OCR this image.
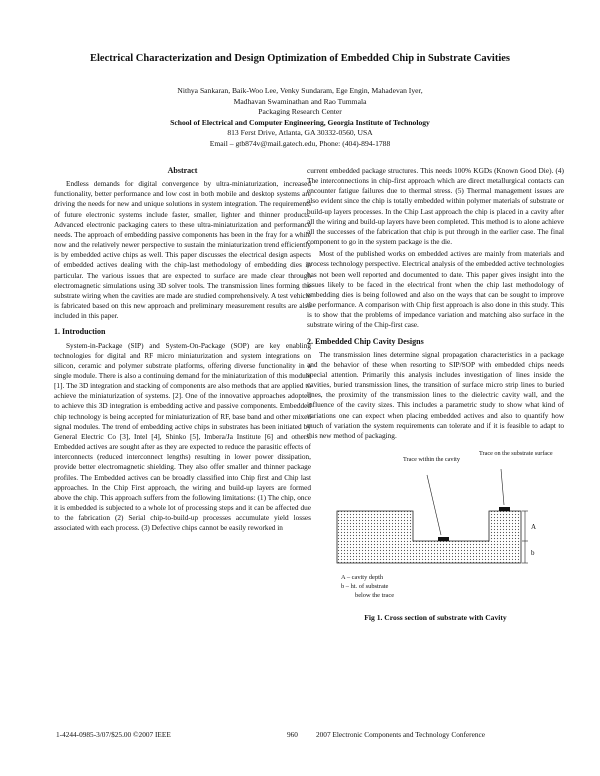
Electrical Characterization and Design Optimization of Embedded Chip in Substrate Cavities
Nithya Sankaran, Baik-Woo Lee, Venky Sundaram, Ege Engin, Mahadevan Iyer,
Madhavan Swaminathan and Rao Tummala
Packaging Research Center
School of Electrical and Computer Engineering, Georgia Institute of Technology
813 Ferst Drive, Atlanta, GA 30332-0560, USA
Email – gtb874v@mail.gatech.edu, Phone: (404)-894-1788
Abstract

Endless demands for digital convergence by ultra-miniaturization, increased functionality, better performance and low cost in both mobile and desktop systems are driving the needs for new and unique solutions in system integration. The requirements of future electronic systems include faster, smaller, lighter and thinner products. Advanced electronic packaging caters to these ultra-miniaturization and performance needs. The approach of embedding passive components has been in the fray for a while now and the relatively newer perspective to sustain the miniaturization trend efficiently is by embedded active chips as well. This paper discusses the electrical design aspects of embedded actives dealing with the chip-last methodology of embedding dies in particular. The various issues that are expected to surface are made clear through electromagnetic simulations using 3D solver tools. The transmission lines forming the substrate wiring when the cavities are made are studied comprehensively. A test vehicle is fabricated based on this new approach and preliminary measurement results are also included in this paper.

1. Introduction

System-in-Package (SIP) and System-On-Package (SOP) are key enabling technologies for digital and RF micro miniaturization and system integrations on silicon, ceramic and polymer substrate platforms, offering diverse functionality in a single module. There is also a continuing demand for the miniaturization of this module [1]. The 3D integration and stacking of components are also methods that are applied to achieve the miniaturization of systems. [2]. One of the innovative approaches adopted to achieve this 3D integration is embedding active and passive components. Embedded chip technology is being accepted for miniaturization of RF, base band and other mixed signal modules. The trend of embedding active chips in substrates has been initiated by General Electric Co [3], Intel [4], Shinko [5], Imbera/Ja Institute [6] and others. Embedded actives are sought after as they are expected to reduce the parasitic effects of interconnects (reduced interconnect lengths) resulting in lower power dissipation, provide better electromagnetic shielding. They also offer smaller and thinner package profiles. The Embedded actives can be broadly classified into Chip first and Chip last approaches. In the Chip First approach, the wiring and build-up layers are formed above the chip. This approach suffers from the following limitations: (1) The chip, once it is embedded is subjected to a whole lot of processing steps and it can be affected due to the fabrication (2) Serial chip-to-build-up processes accumulate yield losses associated with each process. (3) Defective chips cannot be easily reworked in

current embedded package structures. This needs 100% KGDs (Known Good Die). (4) The interconnections in chip-first approach which are direct metallurgical contacts can encounter fatigue failures due to thermal stress. (5) Thermal management issues are also evident since the chip is totally embedded within polymer materials of substrate or build-up layers processes. In the Chip Last approach the chip is placed in a cavity after all the wiring and build-up layers have been completed. This method is to alone achieve all the successes of the fabrication that chip is put through in the earlier case. The final component to go in the system package is the die.

Most of the published works on embedded actives are mainly from materials and process technology perspective. Electrical analysis of the embedded active technologies has not been well reported and documented to date. This paper gives insight into the issues likely to be faced in the electrical front when the chip last methodology of embedding dies is being followed and also on the ways that can be sought to improve the performance. A comparison with Chip first approach is also done in this study. This is to show that the problems of impedance variation and matching also surface in the substrate wiring of the Chip-first case.

2. Embedded Chip Cavity Designs

The transmission lines determine signal propagation characteristics in a package and the behavior of these when resorting to SIP/SOP with embedded chips needs special attention. Primarily this analysis includes investigation of lines inside the cavities, buried transmission lines, the transition of surface micro strip lines to buried lines, the proximity of the transmission lines to the dielectric cavity wall, and the influence of the cavity sizes. This includes a parametric study to show what kind of variations one can expect when placing embedded actives and also to quantify how much of variation the system requirements can tolerate and if it is feasible to adapt to this new method of packaging.

A
b
Trace within the cavity
Trace on the substrate surface
A – cavity depth
b – ht. of substrate
below the trace
Fig 1. Cross section of substrate with Cavity
1-4244-0985-3/07/$25.00 ©2007 IEEE	960 2007 Electronic Components and Technology Conference
